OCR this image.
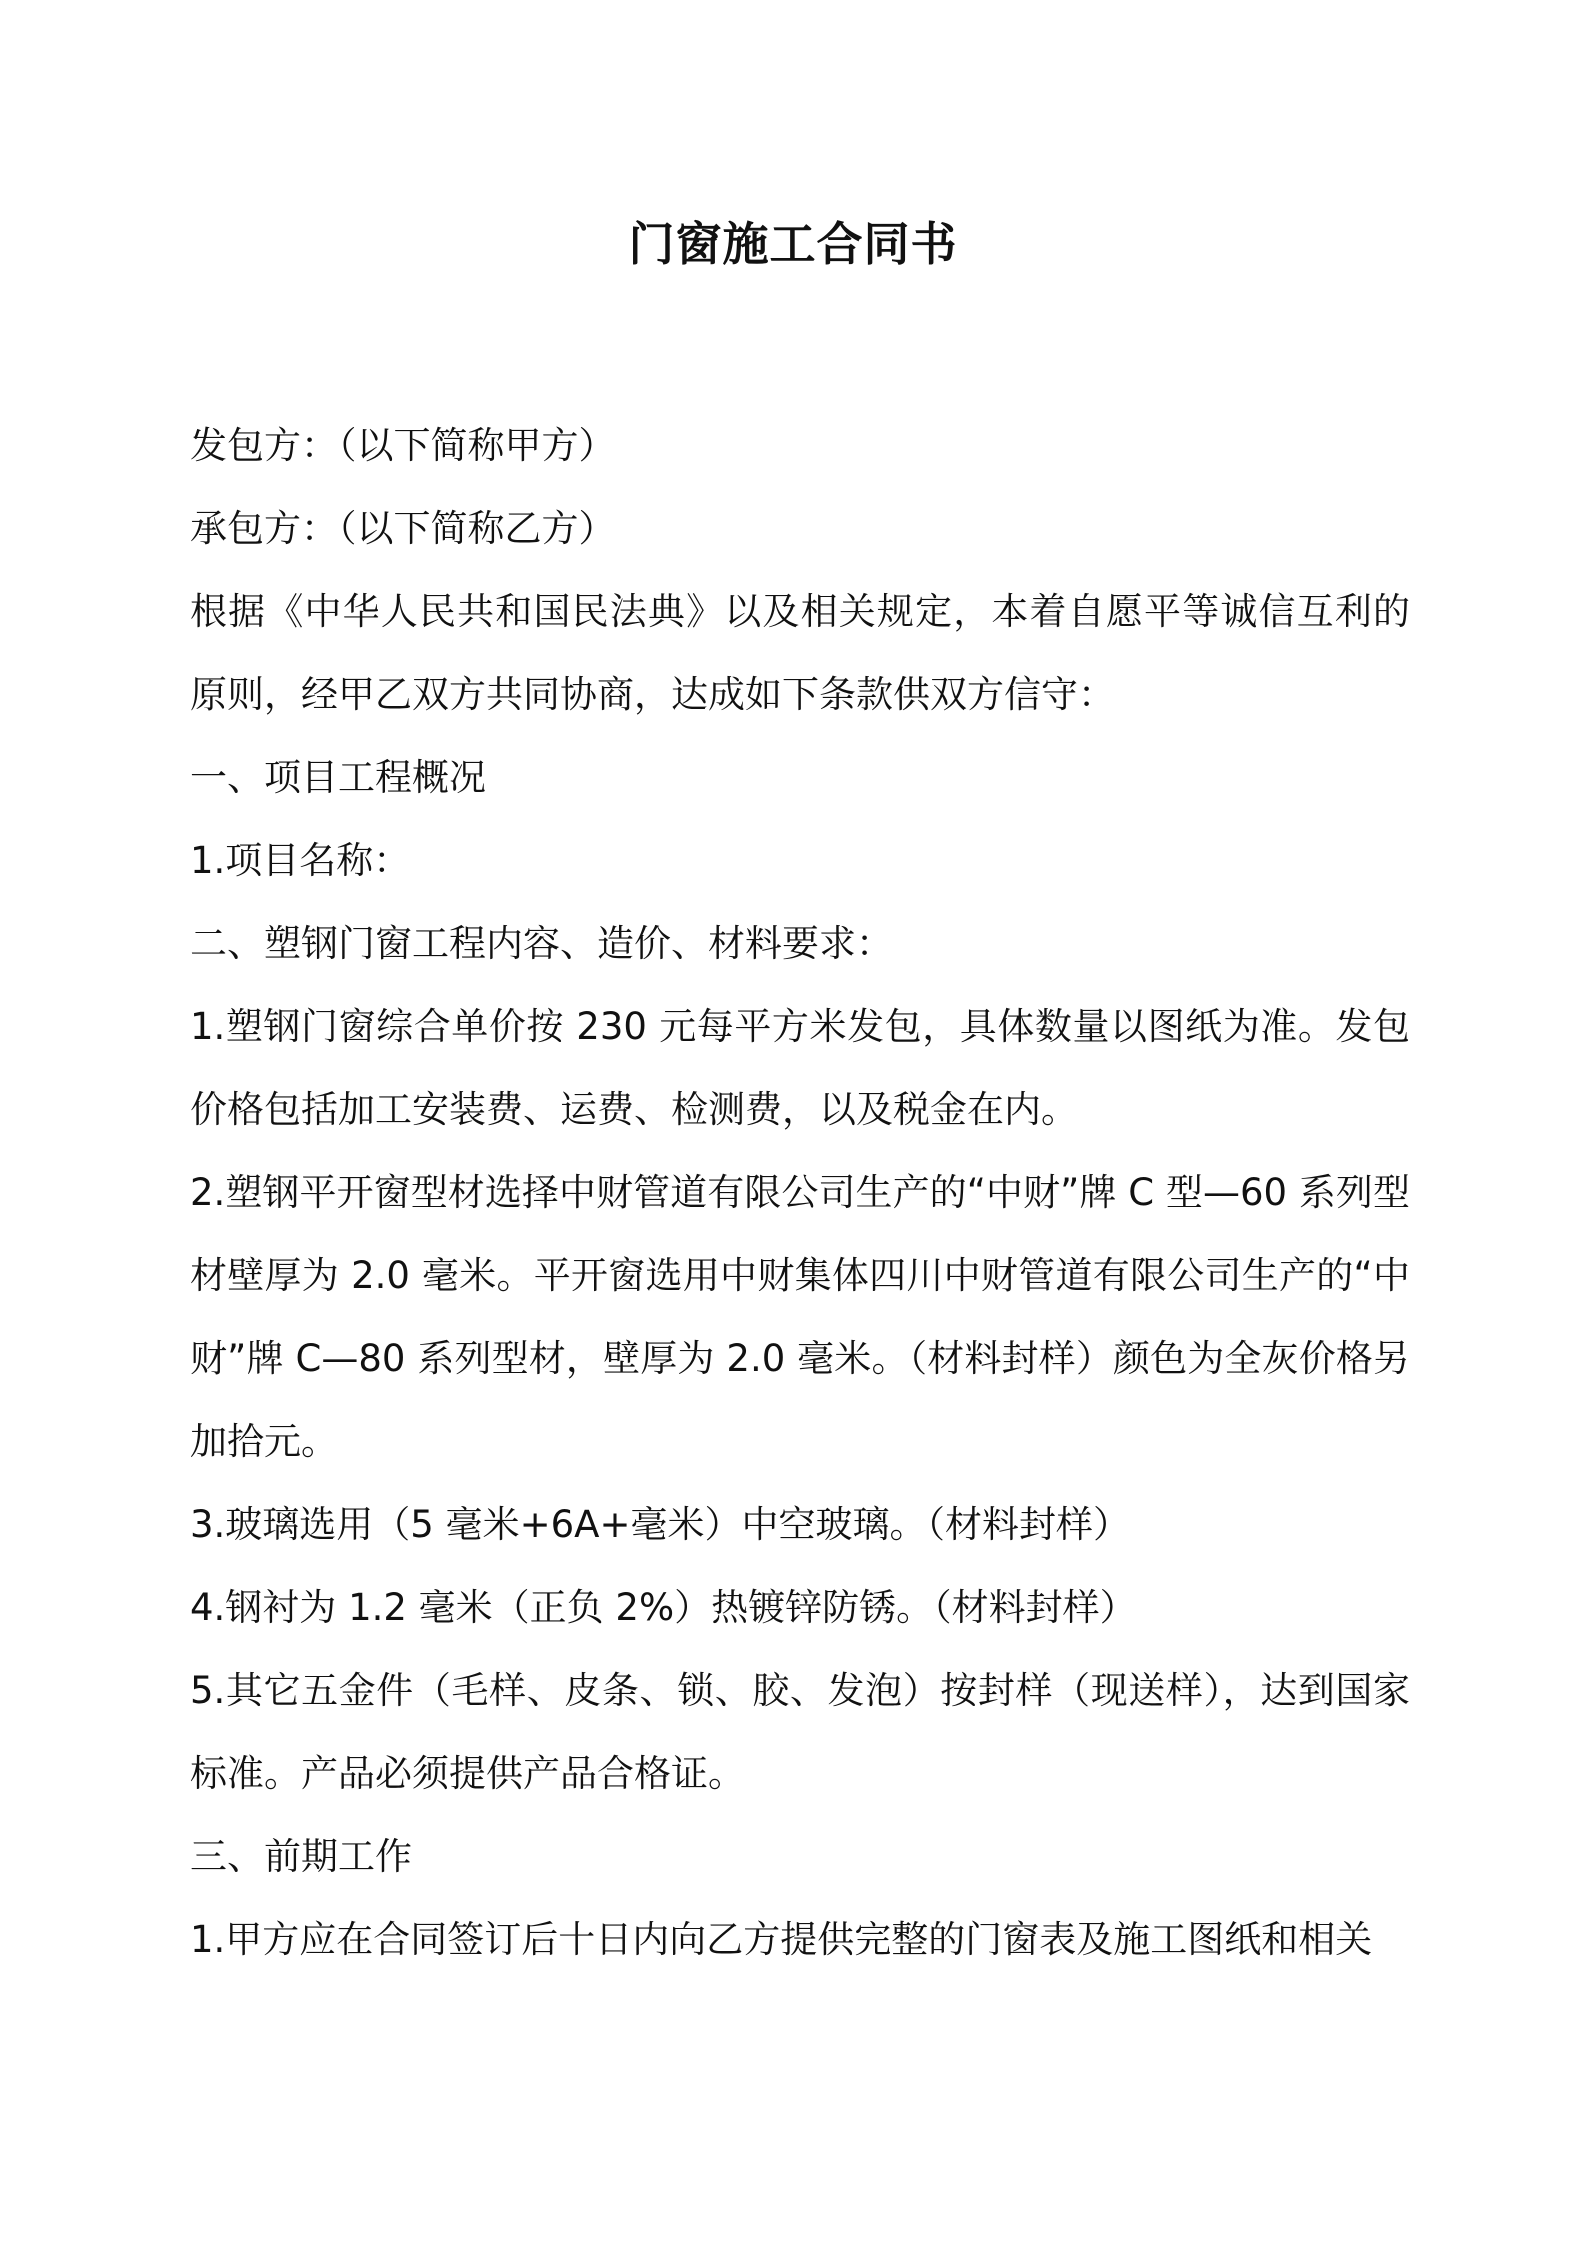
门窗施工合同书

发包方：（以下简称甲方）

承包方：（以下简称乙方）

根据《中华人民共和国民法典》以及相关规定，本着自愿平等诚信互利的原则，经甲乙双方共同协商，达成如下条款供双方信守：

一、项目工程概况

1.项目名称：

二、塑钢门窗工程内容、造价、材料要求：

1.塑钢门窗综合单价按 230 元每平方米发包，具体数量以图纸为准。发包价格包括加工安装费、运费、检测费，以及税金在内。

2.塑钢平开窗型材选择中财管道有限公司生产的“中财”牌 C 型—60 系列型材壁厚为 2.0 毫米。平开窗选用中财集体四川中财管道有限公司生产的“中财”牌 C—80 系列型材，壁厚为 2.0 毫米。（材料封样）颜色为全灰价格另加拾元。

3.玻璃选用（5 毫米+6A+毫米）中空玻璃。（材料封样）

4.钢衬为 1.2 毫米（正负 2%）热镀锌防锈。（材料封样）

5.其它五金件（毛样、皮条、锁、胶、发泡）按封样（现送样），达到国家标准。产品必须提供产品合格证。

三、前期工作

1.甲方应在合同签订后十日内向乙方提供完整的门窗表及施工图纸和相关
